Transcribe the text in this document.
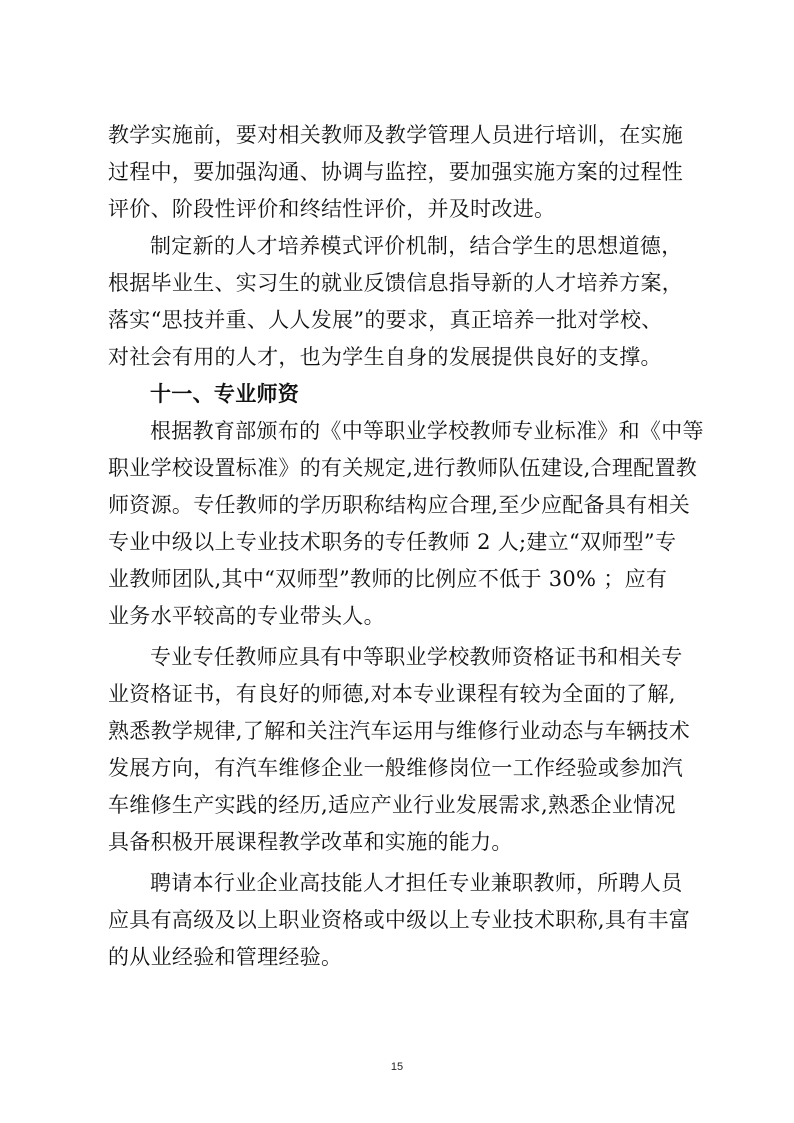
教学实施前，要对相关教师及教学管理人员进行培训，在实施
过程中，要加强沟通、协调与监控，要加强实施方案的过程性
评价、阶段性评价和终结性评价，并及时改进。
制定新的人才培养模式评价机制，结合学生的思想道德，
根据毕业生、实习生的就业反馈信息指导新的人才培养方案，
落实“思技并重、人人发展”的要求，真正培养一批对学校、
对社会有用的人才，也为学生自身的发展提供良好的支撑。
十一、专业师资
根据教育部颁布的《中等职业学校教师专业标准》和《中等
职业学校设置标准》的有关规定,进行教师队伍建设,合理配置教
师资源。专任教师的学历职称结构应合理,至少应配备具有相关
专业中级以上专业技术职务的专任教师 2 人;建立“双师型”专
业教师团队,其中“双师型”教师的比例应不低于 30% ；应有
业务水平较高的专业带头人。
专业专任教师应具有中等职业学校教师资格证书和相关专
业资格证书，有良好的师德,对本专业课程有较为全面的了解,
熟悉教学规律,了解和关注汽车运用与维修行业动态与车辆技术
发展方向，有汽车维修企业一般维修岗位一工作经验或参加汽
车维修生产实践的经历,适应产业行业发展需求,熟悉企业情况
具备积极开展课程教学改革和实施的能力。
聘请本行业企业高技能人才担任专业兼职教师，所聘人员
应具有高级及以上职业资格或中级以上专业技术职称,具有丰富
的从业经验和管理经验。
15
